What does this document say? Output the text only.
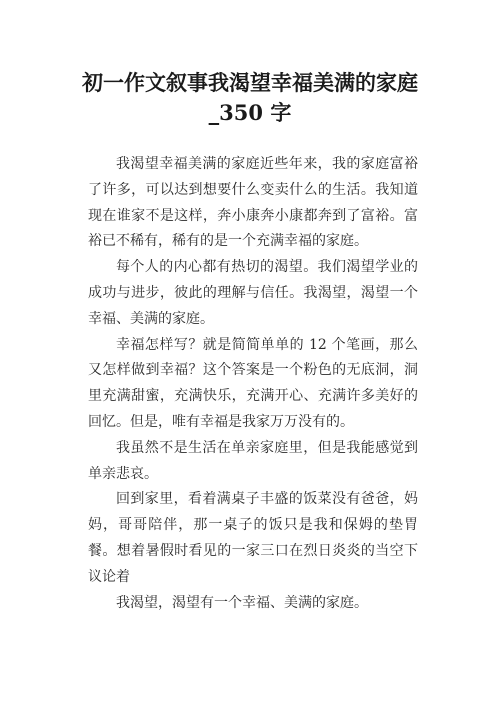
初一作文叙事我渴望幸福美满的家庭
_350 字

我渴望幸福美满的家庭近些年来，我的家庭富裕了许多，可以达到想要什么变卖什么的生活。我知道现在谁家不是这样，奔小康奔小康都奔到了富裕。富裕已不稀有，稀有的是一个充满幸福的家庭。

每个人的内心都有热切的渴望。我们渴望学业的成功与进步，彼此的理解与信任。我渴望，渴望一个幸福、美满的家庭。

幸福怎样写？就是简简单单的 12 个笔画，那么又怎样做到幸福？这个答案是一个粉色的无底洞，洞里充满甜蜜，充满快乐，充满开心、充满许多美好的回忆。但是，唯有幸福是我家万万没有的。

我虽然不是生活在单亲家庭里，但是我能感觉到单亲悲哀。

回到家里，看着满桌子丰盛的饭菜没有爸爸，妈妈，哥哥陪伴，那一桌子的饭只是我和保姆的垫胃餐。想着暑假时看见的一家三口在烈日炎炎的当空下议论着

我渴望，渴望有一个幸福、美满的家庭。
